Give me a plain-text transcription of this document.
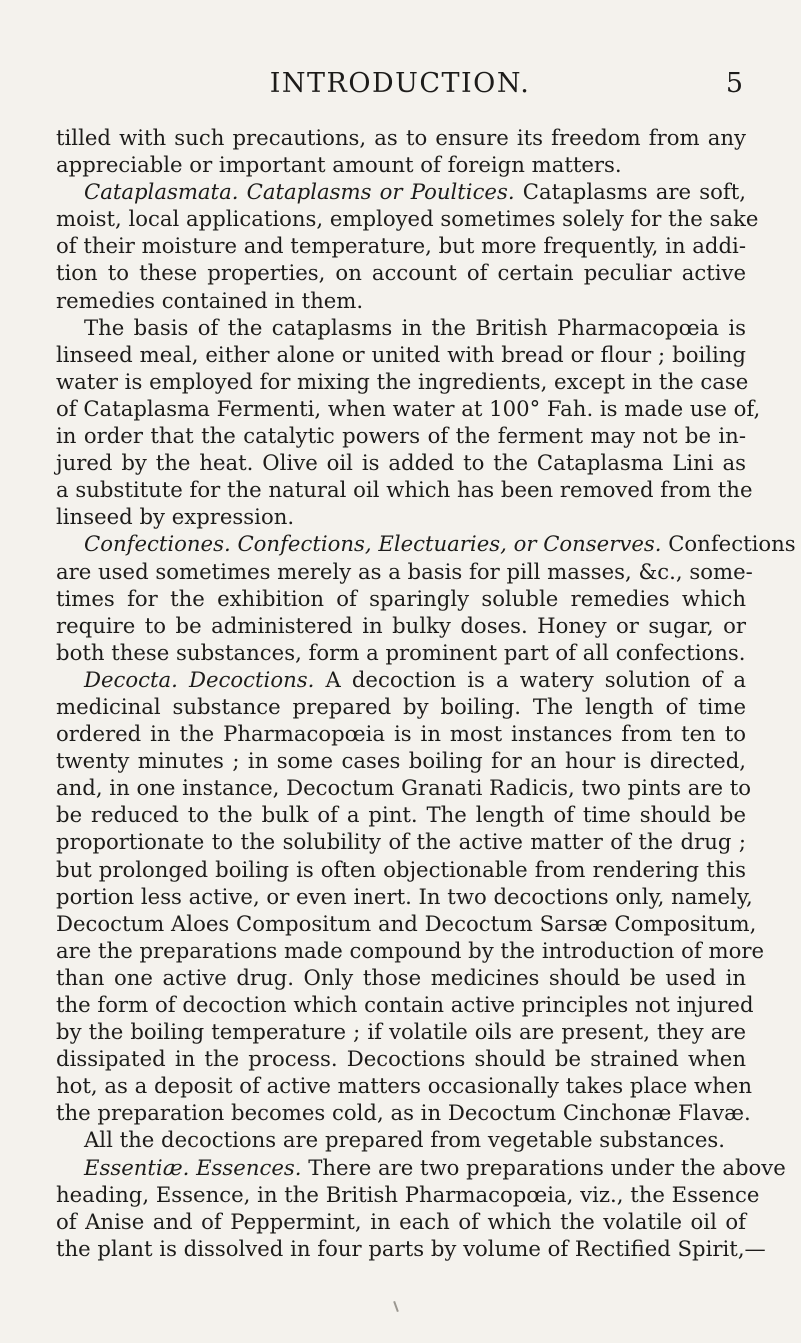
INTRODUCTION.	5
tilled with such precautions, as to ensure its freedom from any
appreciable or important amount of foreign matters.
Cataplasmata. Cataplasms or Poultices. Cataplasms are soft,
moist, local applications, employed sometimes solely for the sake
of their moisture and temperature, but more frequently, in addi-
tion to these properties, on account of certain peculiar active
remedies contained in them.
The basis of the cataplasms in the British Pharmacopœia is
linseed meal, either alone or united with bread or flour ; boiling
water is employed for mixing the ingredients, except in the case
of Cataplasma Fermenti, when water at 100° Fah. is made use of,
in order that the catalytic powers of the ferment may not be in-
jured by the heat. Olive oil is added to the Cataplasma Lini as
a substitute for the natural oil which has been removed from the
linseed by expression.
Confectiones. Confections, Electuaries, or Conserves. Confections
are used sometimes merely as a basis for pill masses, &c., some-
times for the exhibition of sparingly soluble remedies which
require to be administered in bulky doses. Honey or sugar, or
both these substances, form a prominent part of all confections.
Decocta. Decoctions. A decoction is a watery solution of a
medicinal substance prepared by boiling. The length of time
ordered in the Pharmacopœia is in most instances from ten to
twenty minutes ; in some cases boiling for an hour is directed,
and, in one instance, Decoctum Granati Radicis, two pints are to
be reduced to the bulk of a pint. The length of time should be
proportionate to the solubility of the active matter of the drug ;
but prolonged boiling is often objectionable from rendering this
portion less active, or even inert. In two decoctions only, namely,
Decoctum Aloes Compositum and Decoctum Sarsæ Compositum,
are the preparations made compound by the introduction of more
than one active drug. Only those medicines should be used in
the form of decoction which contain active principles not injured
by the boiling temperature ; if volatile oils are present, they are
dissipated in the process. Decoctions should be strained when
hot, as a deposit of active matters occasionally takes place when
the preparation becomes cold, as in Decoctum Cinchonæ Flavæ.
All the decoctions are prepared from vegetable substances.
Essentiæ. Essences. There are two preparations under the above
heading, Essence, in the British Pharmacopœia, viz., the Essence
of Anise and of Peppermint, in each of which the volatile oil of
the plant is dissolved in four parts by volume of Rectified Spirit,—
